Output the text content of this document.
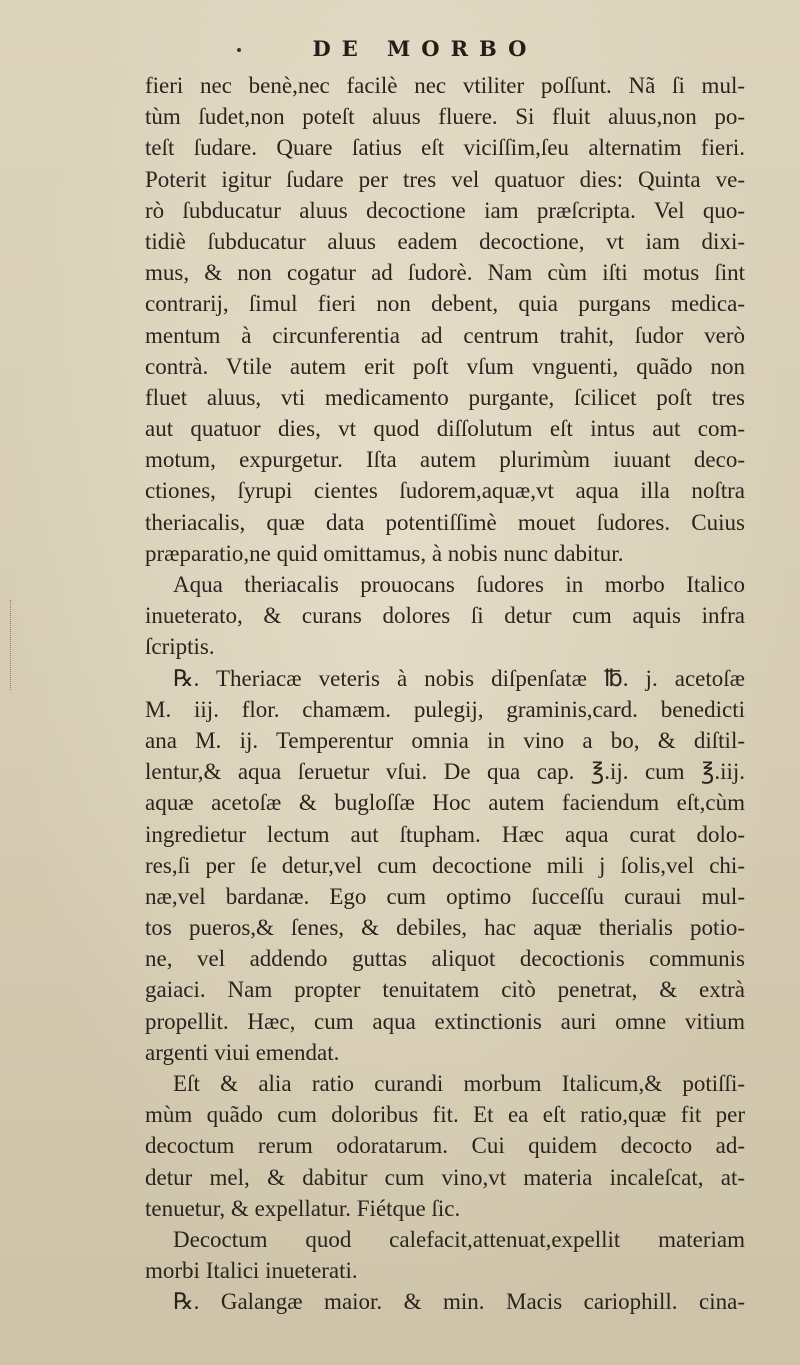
DE MORBO
fieri nec benè,nec facilè nec vtiliter poſſunt. Nã ſi mul-
tùm ſudet,non poteſt aluus fluere. Si fluit aluus,non po-
teſt ſudare. Quare ſatius eſt viciſſim,ſeu alternatim fieri.
Poterit igitur ſudare per tres vel quatuor dies: Quinta ve-
rò ſubducatur aluus decoctione iam præſcripta. Vel quo-
tidiè ſubducatur aluus eadem decoctione, vt iam dixi-
mus, & non cogatur ad ſudorè. Nam cùm iſti motus ſint
contrarij, ſimul fieri non debent, quia purgans medica-
mentum à circunferentia ad centrum trahit, ſudor verò
contrà. Vtile autem erit poſt vſum vnguenti, quãdo non
fluet aluus, vti medicamento purgante, ſcilicet poſt tres
aut quatuor dies, vt quod diſſolutum eſt intus aut com-
motum, expurgetur. Iſta autem plurimùm iuuant deco-
ctiones, ſyrupi cientes ſudorem,aquæ,vt aqua illa noſtra
theriacalis, quæ data potentiſſimè mouet ſudores. Cuius
præparatio,ne quid omittamus, à nobis nunc dabitur.
Aqua theriacalis prouocans ſudores in morbo Italico
inueterato, & curans dolores ſi detur cum aquis infra
ſcriptis.
℞. Theriacæ veteris à nobis diſpenſatæ ℔. j. acetoſæ
M. iij. flor. chamæm. pulegij, graminis,card. benedicti
ana M. ij. Temperentur omnia in vino a bo, & diſtil-
lentur,& aqua ſeruetur vſui. De qua cap. ℥.ij. cum ℥.iij.
aquæ acetoſæ & bugloſſæ Hoc autem faciendum eſt,cùm
ingredietur lectum aut ſtupham. Hæc aqua curat dolo-
res,ſi per ſe detur,vel cum decoctione mili j ſolis,vel chi-
næ,vel bardanæ. Ego cum optimo ſucceſſu curaui mul-
tos pueros,& ſenes, & debiles, hac aquæ therialis potio-
ne, vel addendo guttas aliquot decoctionis communis
gaiaci. Nam propter tenuitatem citò penetrat, & extrà
propellit. Hæc, cum aqua extinctionis auri omne vitium
argenti viui emendat.
Eſt & alia ratio curandi morbum Italicum,& potiſſi-
mùm quãdo cum doloribus fit. Et ea eſt ratio,quæ fit per
decoctum rerum odoratarum. Cui quidem decocto ad-
detur mel, & dabitur cum vino,vt materia incaleſcat, at-
tenuetur, & expellatur. Fiétque ſic.
Decoctum quod calefacit,attenuat,expellit materiam
morbi Italici inueterati.
℞. Galangæ maior. & min. Macis cariophill. cina-
